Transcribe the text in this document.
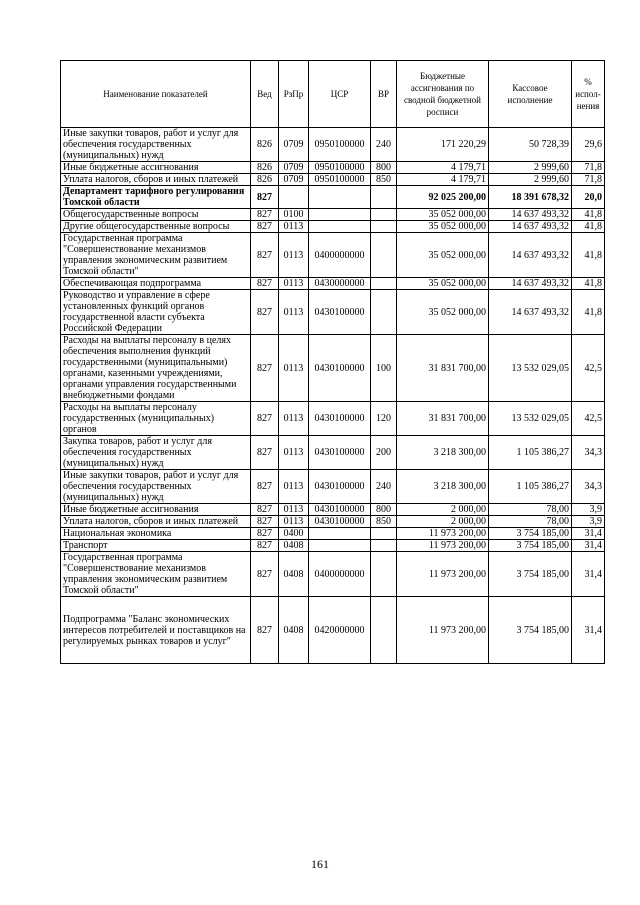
Наименование показателей	Вед	РзПр	ЦСР	ВР	Бюджетные ассигнования по сводной бюджетной росписи	Кассовое исполнение	% испол-нения
Иные закупки товаров, работ и услуг для обеспечения государственных (муниципальных) нужд	826	0709	0950100000	240	171 220,29	50 728,39	29,6
Иные бюджетные ассигнования	826	0709	0950100000	800	4 179,71	2 999,60	71,8
Уплата налогов, сборов и иных платежей	826	0709	0950100000	850	4 179,71	2 999,60	71,8
Департамент тарифного регулирования Томской области	827				92 025 200,00	18 391 678,32	20,0
Общегосударственные вопросы	827	0100			35 052 000,00	14 637 493,32	41,8
Другие общегосударственные вопросы	827	0113			35 052 000,00	14 637 493,32	41,8
Государственная программа "Совершенствование механизмов управления экономическим развитием Томской области"	827	0113	0400000000		35 052 000,00	14 637 493,32	41,8
Обеспечивающая подпрограмма	827	0113	0430000000		35 052 000,00	14 637 493,32	41,8
Руководство и управление в сфере установленных функций органов государственной власти субъекта Российской Федерации	827	0113	0430100000		35 052 000,00	14 637 493,32	41,8
Расходы на выплаты персоналу в целях обеспечения выполнения функций государственными (муниципальными) органами, казенными учреждениями, органами управления государственными внебюджетными фондами	827	0113	0430100000	100	31 831 700,00	13 532 029,05	42,5
Расходы на выплаты персоналу государственных (муниципальных) органов	827	0113	0430100000	120	31 831 700,00	13 532 029,05	42,5
Закупка товаров, работ и услуг для обеспечения государственных (муниципальных) нужд	827	0113	0430100000	200	3 218 300,00	1 105 386,27	34,3
Иные закупки товаров, работ и услуг для обеспечения государственных (муниципальных) нужд	827	0113	0430100000	240	3 218 300,00	1 105 386,27	34,3
Иные бюджетные ассигнования	827	0113	0430100000	800	2 000,00	78,00	3,9
Уплата налогов, сборов и иных платежей	827	0113	0430100000	850	2 000,00	78,00	3,9
Национальная экономика	827	0400			11 973 200,00	3 754 185,00	31,4
Транспорт	827	0408			11 973 200,00	3 754 185,00	31,4
Государственная программа "Совершенствование механизмов управления экономическим развитием Томской области"	827	0408	0400000000		11 973 200,00	3 754 185,00	31,4
Подпрограмма "Баланс экономических интересов потребителей и поставщиков на регулируемых рынках товаров и услуг"	827	0408	0420000000		11 973 200,00	3 754 185,00	31,4
161
